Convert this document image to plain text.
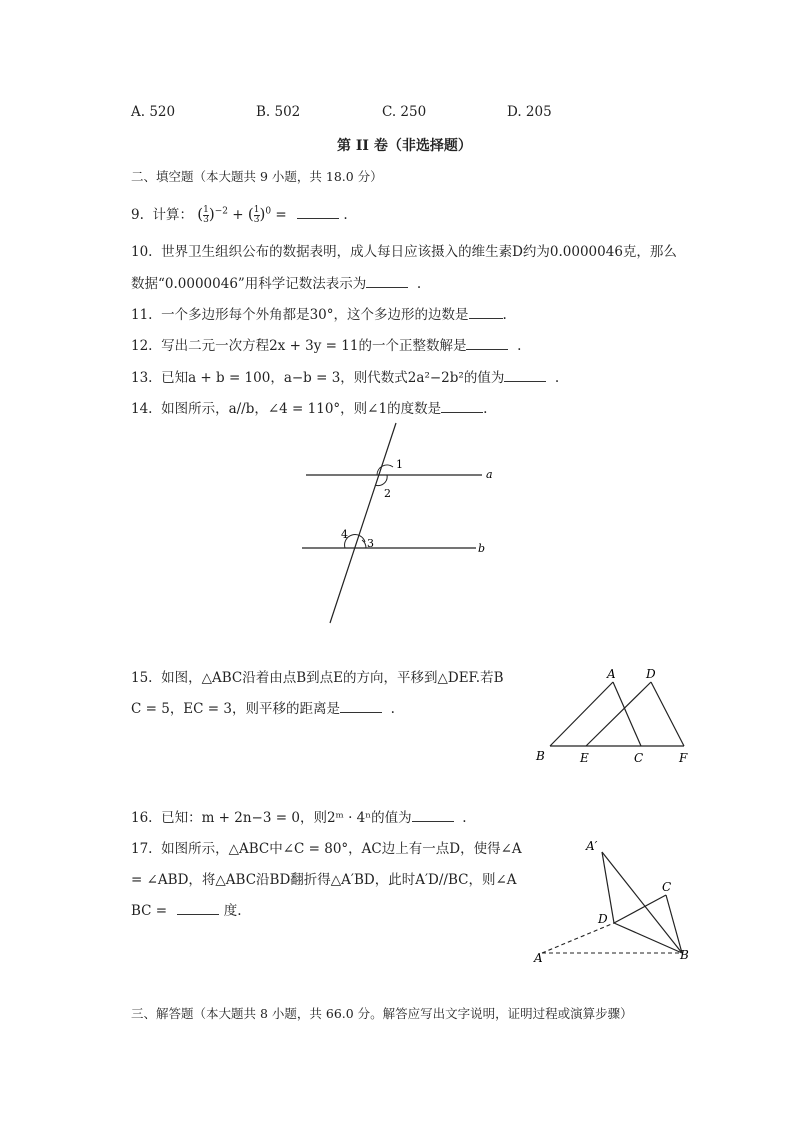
A. 520	B. 502	C. 250	D. 205
第 II 卷（非选择题）
二、填空题（本大题共 9 小题，共 18.0 分）
9. 计算： ( $\frac{1}{3} )^{-2}$ + ( $\frac{1}{3} )^0$ =	.
10. 世界卫生组织公布的数据表明，成人每日应该摄入的维生素D约为0.0000046克，那么
数据“0.0000046”用科学记数法表示为	.
11. 一个多边形每个外角都是30°，这个多边形的边数是	.
12. 写出二元一次方程2x + 3y = 11的一个正整数解是	.
13. 已知a + b = 100，a−b = 3，则代数式2a²−2b²的值为	.
14. 如图所示，a//b，∠4 = 110°，则∠1的度数是	.
1
2
3
4
a
b
15. 如图，△ABC沿着由点B到点E的方向，平移到△DEF.若B
C = 5，EC = 3，则平移的距离是	.
A	D
B	E	C	F
16. 已知：m + 2n−3 = 0，则2ᵐ · 4ⁿ的值为	.
17. 如图所示，△ABC中∠C = 80°，AC边上有一点D，使得∠A
= ∠ABD，将△ABC沿BD翻折得△A′BD，此时A′D//BC，则∠A
BC =	度.
A′
C
D
A	B
三、解答题（本大题共 8 小题，共 66.0 分。解答应写出文字说明，证明过程或演算步骤）
